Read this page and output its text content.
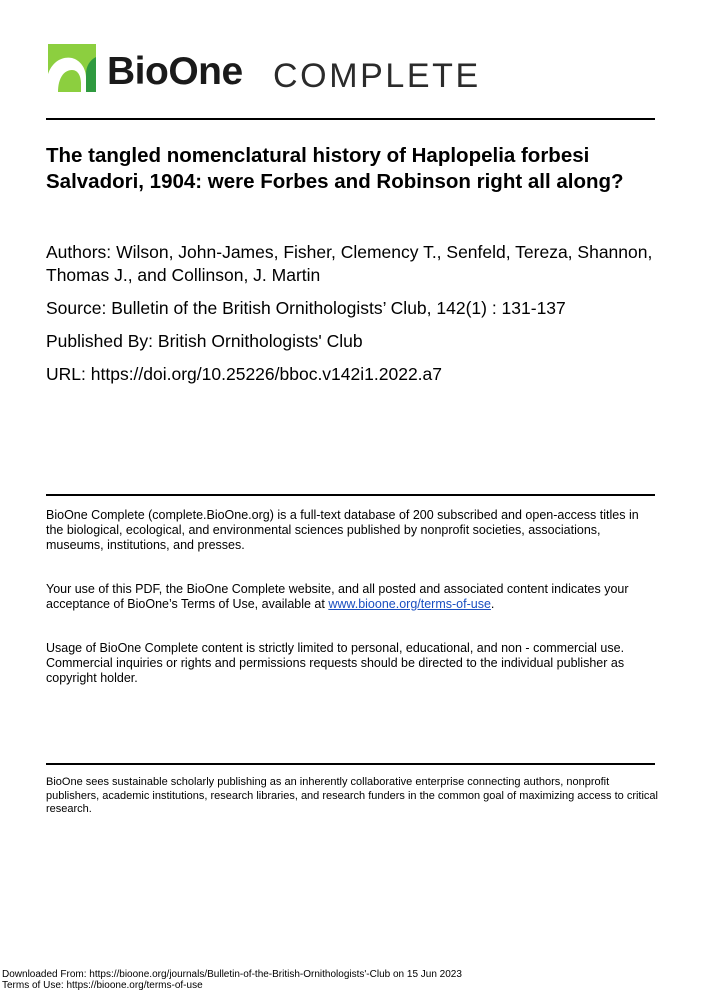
BioOne COMPLETE
The tangled nomenclatural history of Haplopelia forbesi Salvadori, 1904: were Forbes and Robinson right all along?

Authors: Wilson, John-James, Fisher, Clemency T., Senfeld, Tereza, Shannon, Thomas J., and Collinson, J. Martin

Source: Bulletin of the British Ornithologists’ Club, 142(1) : 131-137

Published By: British Ornithologists' Club

URL: https://doi.org/10.25226/bboc.v142i1.2022.a7

BioOne Complete (complete.BioOne.org) is a full-text database of 200 subscribed and open-access titles in the biological, ecological, and environmental sciences published by nonprofit societies, associations, museums, institutions, and presses.

Your use of this PDF, the BioOne Complete website, and all posted and associated content indicates your acceptance of BioOne’s Terms of Use, available at www.bioone.org/terms-of-use.

Usage of BioOne Complete content is strictly limited to personal, educational, and non - commercial use. Commercial inquiries or rights and permissions requests should be directed to the individual publisher as copyright holder.

BioOne sees sustainable scholarly publishing as an inherently collaborative enterprise connecting authors, nonprofit publishers, academic institutions, research libraries, and research funders in the common goal of maximizing access to critical research.

Downloaded From: https://bioone.org/journals/Bulletin-of-the-British-Ornithologists'-Club on 15 Jun 2023

Terms of Use: https://bioone.org/terms-of-use
